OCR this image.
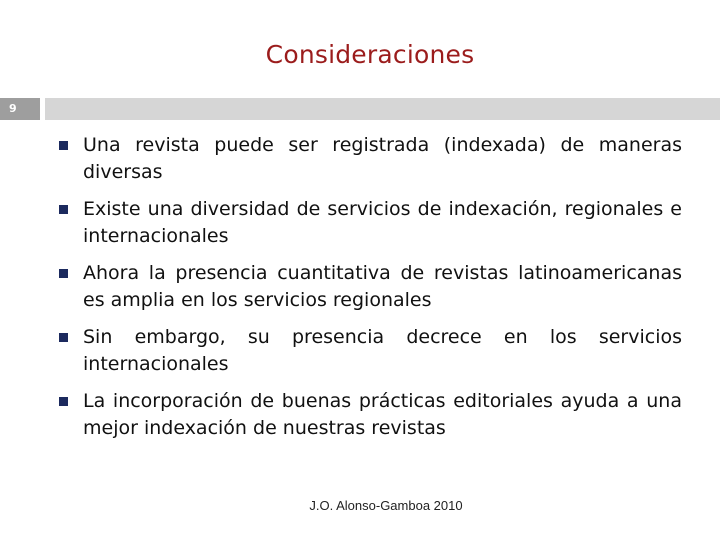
Consideraciones
9
Una revista puede ser registrada (indexada) de maneras diversas
Existe una diversidad de servicios de indexación, regionales e internacionales
Ahora la presencia cuantitativa de revistas latinoamericanas es amplia en los servicios regionales
Sin embargo, su presencia decrece en los servicios internacionales
La incorporación de buenas prácticas editoriales ayuda a una mejor indexación de nuestras revistas
J.O. Alonso-Gamboa 2010
